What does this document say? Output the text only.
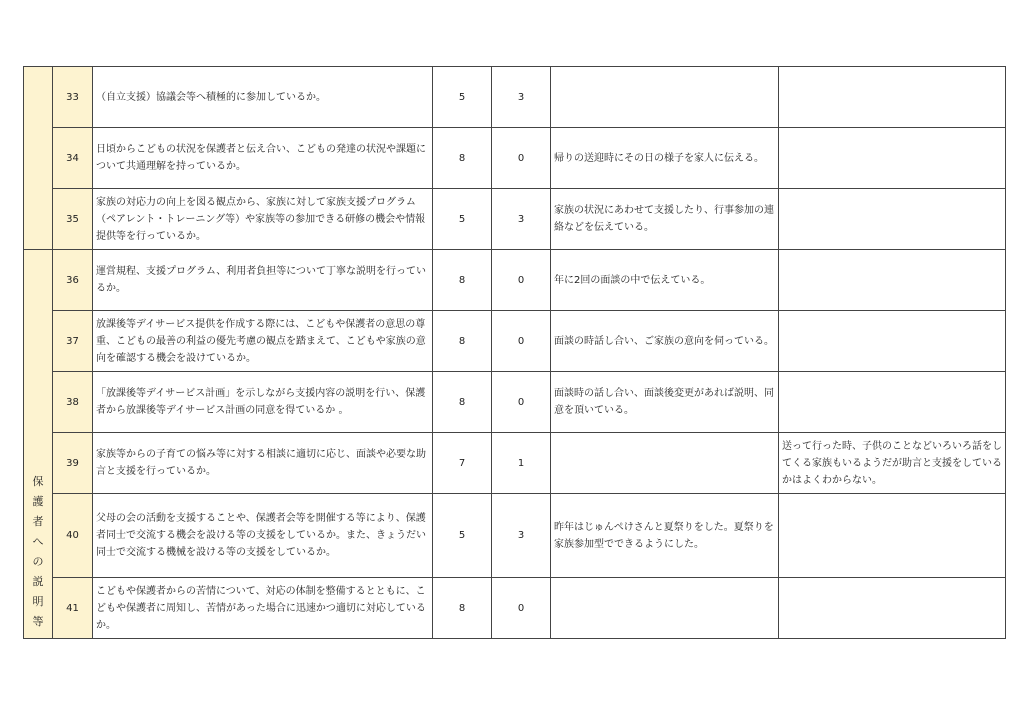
	33	（自立支援）協議会等へ積極的に参加しているか。	5	3		
	34	日頃からこどもの状況を保護者と伝え合い、こどもの発達の状況や課題について共通理解を持っているか。	8	0	帰りの送迎時にその日の様子を家人に伝える。	
	35	家族の対応力の向上を図る観点から、家族に対して家族支援プログラム（ペアレント・トレーニング等）や家族等の参加できる研修の機会や情報提供等を行っているか。	5	3	家族の状況にあわせて支援したり、行事参加の連絡などを伝えている。	
保護者への説明等	36	運営規程、支援プログラム、利用者負担等について丁寧な説明を行っているか。	8	0	年に2回の面談の中で伝えている。	
	37	放課後等デイサービス提供を作成する際には、こどもや保護者の意思の尊重、こどもの最善の利益の優先考慮の観点を踏まえて、こどもや家族の意向を確認する機会を設けているか。	8	0	面談の時話し合い、ご家族の意向を伺っている。	
	38	「放課後等デイサービス計画」を示しながら支援内容の説明を行い、保護者から放課後等デイサービス計画の同意を得ているか 。	8	0	面談時の話し合い、面談後変更があれば説明、同意を頂いている。	
	39	家族等からの子育ての悩み等に対する相談に適切に応じ、面談や必要な助言と支援を行っているか。	7	1		送って行った時、子供のことなどいろいろ話をしてくる家族もいるようだが助言と支援をしているかはよくわからない。
	40	父母の会の活動を支援することや、保護者会等を開催する等により、保護者同士で交流する機会を設ける等の支援をしているか。また、きょうだい同士で交流する機械を設ける等の支援をしているか。	5	3	昨年はじゅんぺけさんと夏祭りをした。夏祭りを家族参加型でできるようにした。	
	41	こどもや保護者からの苦情について、対応の体制を整備するとともに、こどもや保護者に周知し、苦情があった場合に迅速かつ適切に対応しているか。	8	0		
